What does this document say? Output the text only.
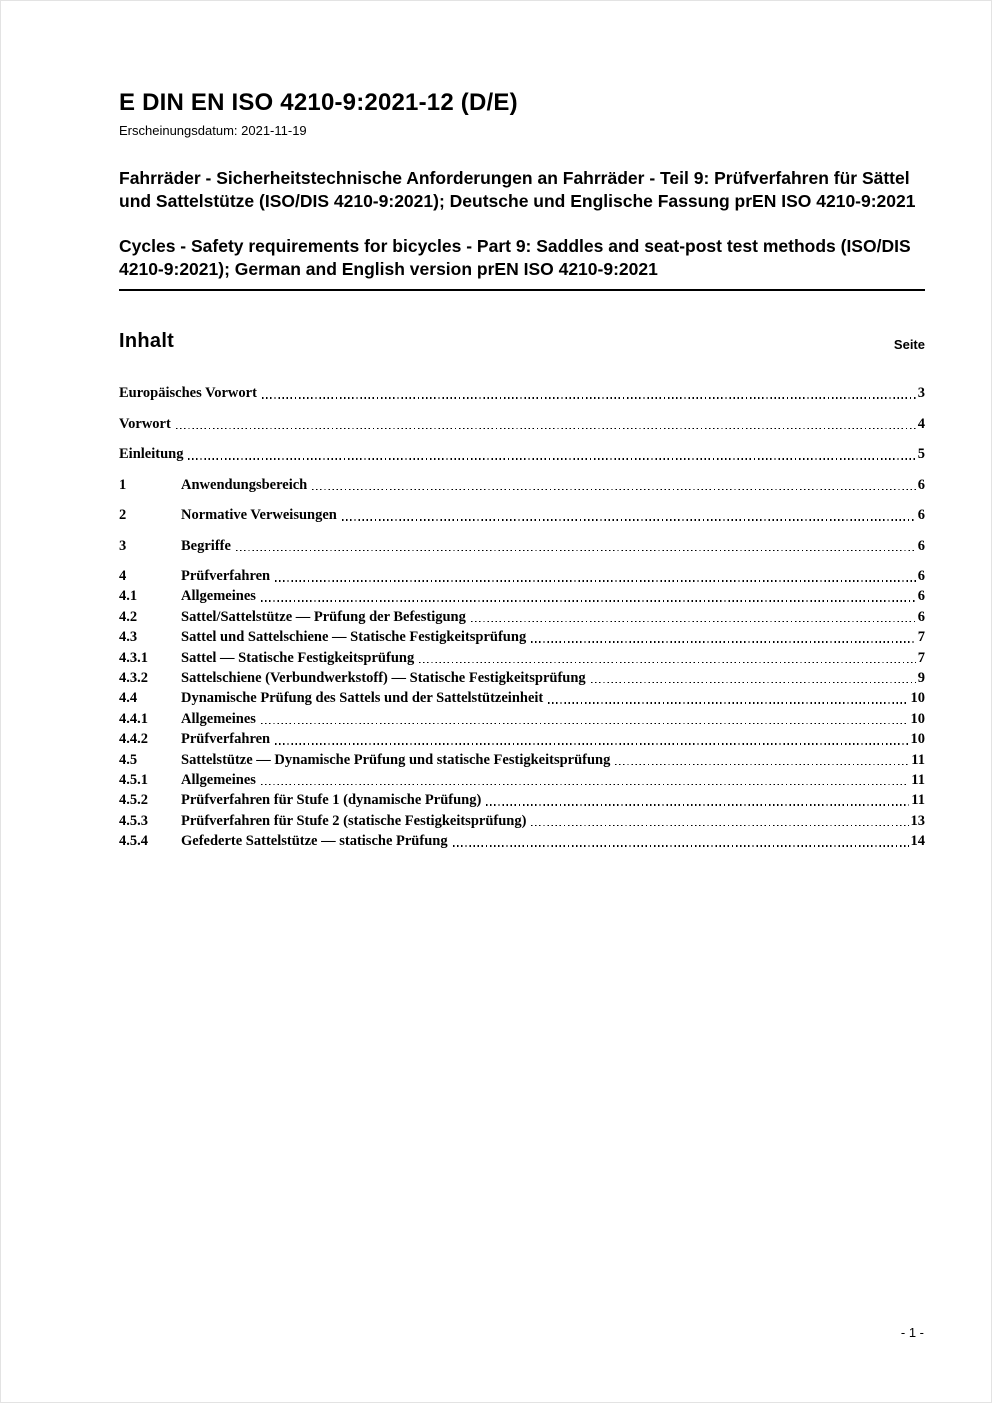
E DIN EN ISO 4210-9:2021-12 (D/E)
Erscheinungsdatum: 2021-11-19

Fahrräder - Sicherheitstechnische Anforderungen an Fahrräder - Teil 9: Prüfverfahren für Sättel und Sattelstütze (ISO/DIS 4210-9:2021); Deutsche und Englische Fassung prEN ISO 4210-9:2021

Cycles - Safety requirements for bicycles - Part 9: Saddles and seat-post test methods (ISO/DIS 4210-9:2021); German and English version prEN ISO 4210-9:2021

Inhalt	Seite
Europäisches Vorwort	3
Vorwort	4
Einleitung	5
1	Anwendungsbereich	6
2	Normative Verweisungen	6
3	Begriffe	6
4	Prüfverfahren	6
4.1	Allgemeines	6
4.2	Sattel/Sattelstütze — Prüfung der Befestigung	6
4.3	Sattel und Sattelschiene — Statische Festigkeitsprüfung	7
4.3.1	Sattel — Statische Festigkeitsprüfung	7
4.3.2	Sattelschiene (Verbundwerkstoff) — Statische Festigkeitsprüfung	9
4.4	Dynamische Prüfung des Sattels und der Sattelstützeinheit	10
4.4.1	Allgemeines	10
4.4.2	Prüfverfahren	10
4.5	Sattelstütze — Dynamische Prüfung und statische Festigkeitsprüfung	11
4.5.1	Allgemeines	11
4.5.2	Prüfverfahren für Stufe 1 (dynamische Prüfung)	11
4.5.3	Prüfverfahren für Stufe 2 (statische Festigkeitsprüfung)	13
4.5.4	Gefederte Sattelstütze — statische Prüfung	14
- 1 -
